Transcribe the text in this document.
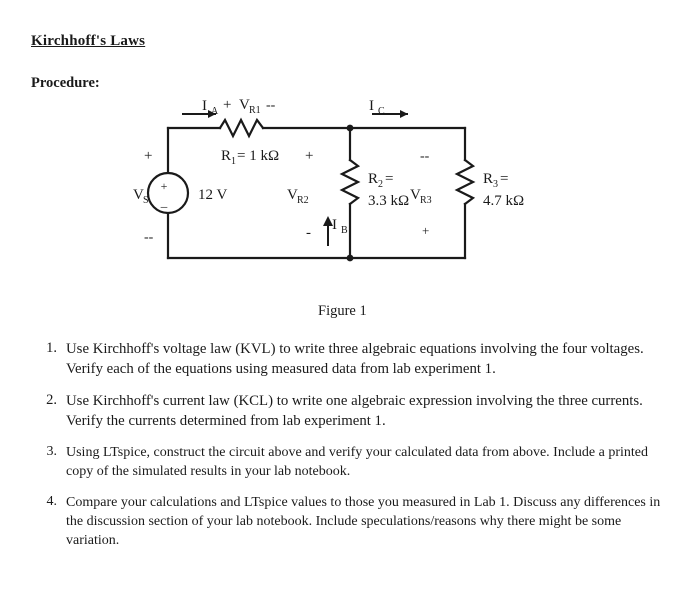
Kirchhoff's Laws
Procedure:
I A + V R1 --	I C
R 1 = 1 kΩ
+
--
V S
+
_ 12 V	V R2
+
-
R 2 =
3.3 kΩ
I B
V R3
--
+
R 3 =
4.7 kΩ
Figure 1
1. Use Kirchhoff's voltage law (KVL) to write three algebraic equations involving the four voltages. Verify each of the equations using measured data from lab experiment 1.
2. Use Kirchhoff's current law (KCL) to write one algebraic expression involving the three currents. Verify the currents determined from lab experiment 1.
3. Using LTspice, construct the circuit above and verify your calculated data from above. Include a printed copy of the simulated results in your lab notebook.
4. Compare your calculations and LTspice values to those you measured in Lab 1. Discuss any differences in the discussion section of your lab notebook. Include speculations/reasons why there might be some variation.
